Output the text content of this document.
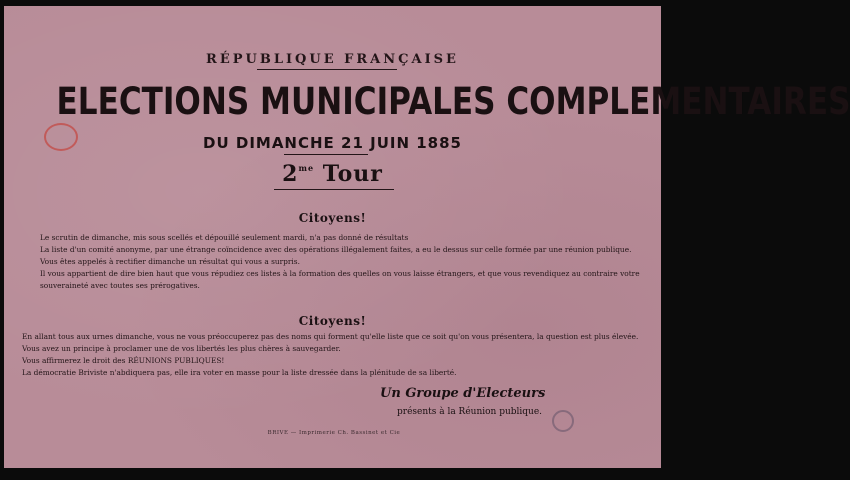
RÉPUBLIQUE FRANÇAISE
ELECTIONS MUNICIPALES COMPLEMENTAIRES
DU DIMANCHE 21 JUIN 1885
$2^{me}$ Tour
Citoyens!
Le scrutin de dimanche, mis sous scellés et dépouillé seulement mardi, n'a pas donné de résultats
La liste d'un comité anonyme, par une étrange coïncidence avec des opérations illégalement faites, a eu le dessus sur celle formée par une réunion publique.
Vous êtes appelés à rectifier dimanche un résultat qui vous a surpris.
Il vous appartient de dire bien haut que vous répudiez ces listes à la formation des quelles on vous laisse étrangers, et que vous revendiquez au contraire votre souveraineté avec toutes ses prérogatives.
Citoyens!
En allant tous aux urnes dimanche, vous ne vous préoccuperez pas des noms qui forment qu'elle liste que ce soit qu'on vous présentera, la question est plus élevée.
Vous avez un principe à proclamer une de vos libertés les plus chères à sauvegarder.
Vous affirmerez le droit des RÉUNIONS PUBLIQUES!
La démocratie Briviste n'abdiquera pas, elle ira voter en masse pour la liste dressée dans la plénitude de sa liberté.
Un Groupe d'Electeurs
présents à la Réunion publique.
BRIVE — Imprimerie Ch. Bassinet et Cie
